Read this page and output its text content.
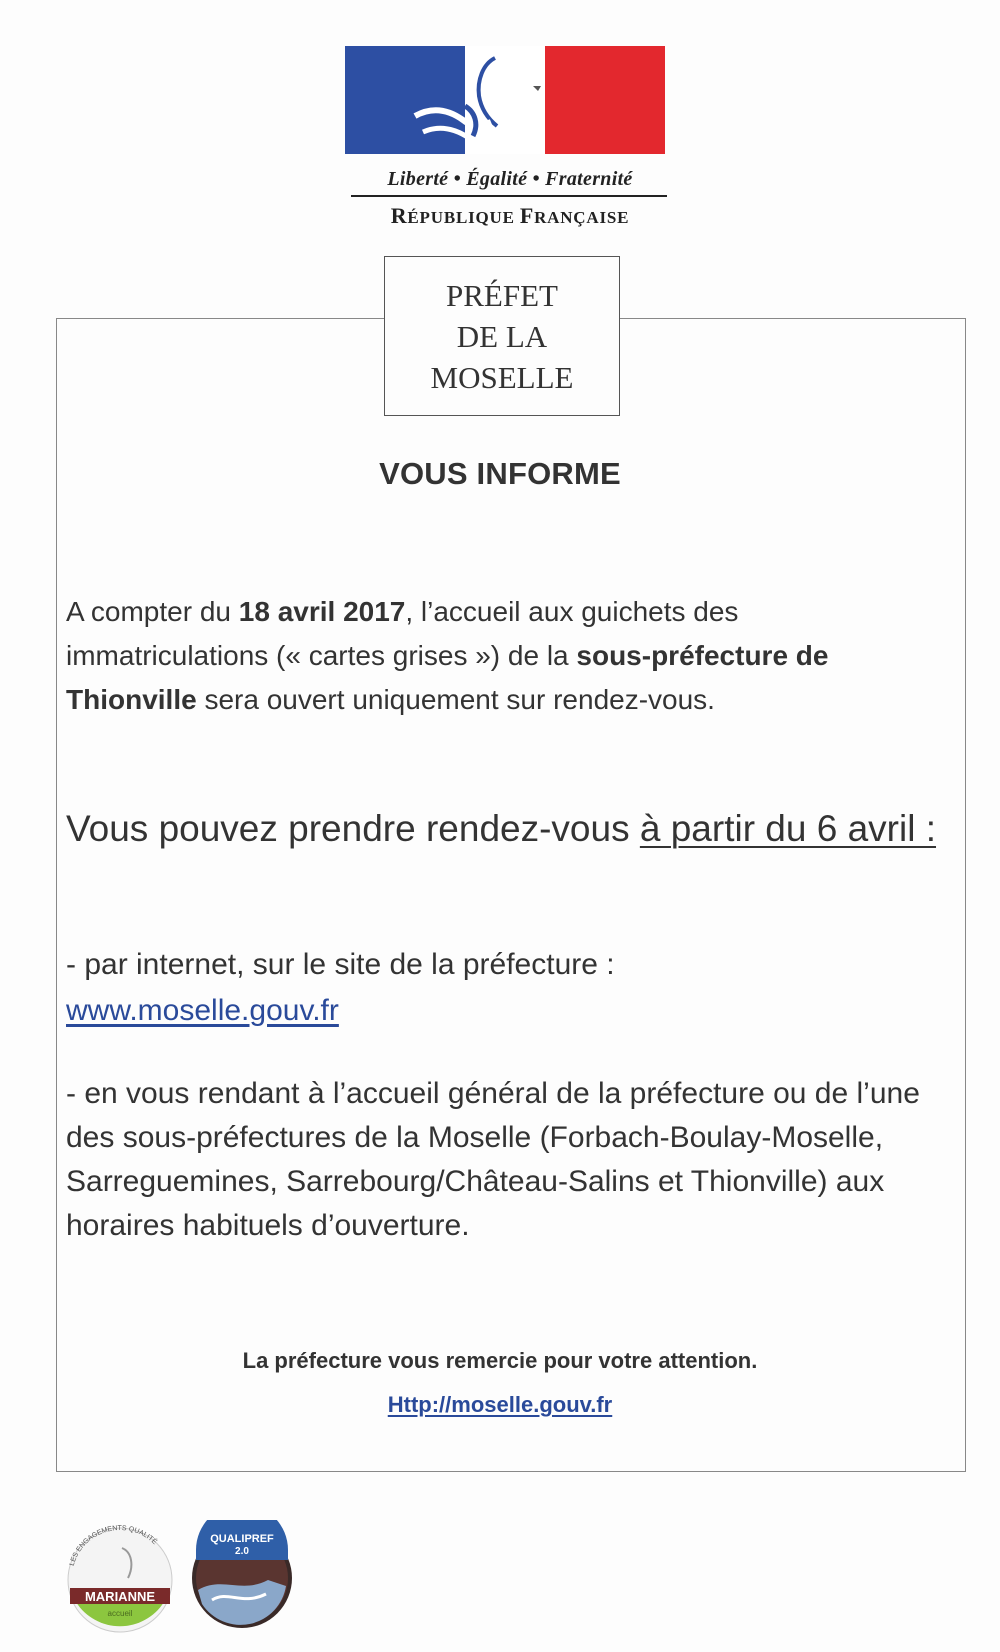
Liberté • Égalité • Fraternité
RÉPUBLIQUE FRANÇAISE
PRÉFET
DE LA
MOSELLE
VOUS INFORME
A compter du 18 avril 2017, l’accueil aux guichets des immatriculations (« cartes grises ») de la sous-préfecture de Thionville sera ouvert uniquement sur rendez-vous.
Vous pouvez prendre rendez-vous à partir du 6 avril :
- par internet, sur le site de la préfecture :
www.moselle.gouv.fr
- en vous rendant à l’accueil général de la préfecture ou de l’une des sous-préfectures de la Moselle (Forbach-Boulay-Moselle, Sarreguemines, Sarrebourg/Château-Salins et Thionville) aux horaires habituels d’ouverture.
La préfecture vous remercie pour votre attention.
Http://moselle.gouv.fr
MARIANNE
LES ENGAGEMENTS QUALITÉ
accueil
QUALIPREF
2.0
